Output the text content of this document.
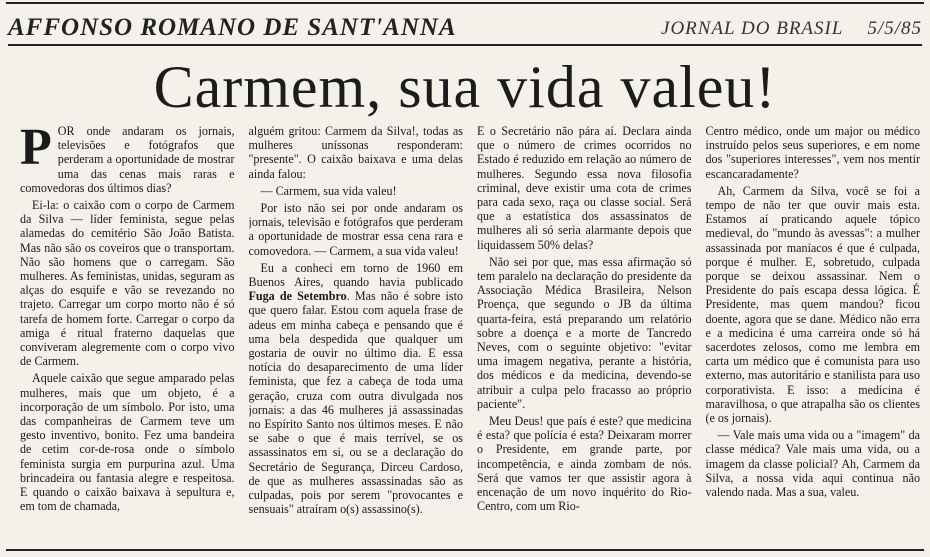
AFFONSO ROMANO DE SANT'ANNA	JORNAL DO BRASIL 5/5/85
Carmem, sua vida valeu!

POR onde andaram os jornais, televisões e fotógrafos que perderam a oportunidade de mostrar uma das cenas mais raras e comovedoras dos últimos dias?

Ei-la: o caixão com o corpo de Carmem da Silva — líder feminista, segue pelas alamedas do cemitério São João Batista. Mas não são os coveiros que o transportam. Não são homens que o carregam. São mulheres. As feministas, unidas, seguram as alças do esquife e vão se revezando no trajeto. Carregar um corpo morto não é só tarefa de homem forte. Carregar o corpo da amiga é ritual fraterno daquelas que conviveram alegremente com o corpo vivo de Carmem.

Aquele caixão que segue amparado pelas mulheres, mais que um objeto, é a incorporação de um símbolo. Por isto, uma das companheiras de Carmem teve um gesto inventivo, bonito. Fez uma bandeira de cetim cor-de-rosa onde o símbolo feminista surgia em purpurina azul. Uma brincadeira ou fantasia alegre e respeitosa. E quando o caixão baixava à sepultura e, em tom de chamada,

alguém gritou: Carmem da Silva!, todas as mulheres uníssonas responderam: "presente". O caixão baixava e uma delas ainda falou:

— Carmem, sua vida valeu!

Por isto não sei por onde andaram os jornais, televisão e fotógrafos que perderam a oportunidade de mostrar essa cena rara e comovedora. — Carmem, a sua vida valeu!

Eu a conheci em torno de 1960 em Buenos Aires, quando havia publicado Fuga de Setembro. Mas não é sobre isto que quero falar. Estou com aquela frase de adeus em minha cabeça e pensando que é uma bela despedida que qualquer um gostaria de ouvir no último dia. E essa notícia do desaparecimento de uma líder feminista, que fez a cabeça de toda uma geração, cruza com outra divulgada nos jornais: a das 46 mulheres já assassinadas no Espírito Santo nos últimos meses. E não se sabe o que é mais terrível, se os assassinatos em si, ou se a declaração do Secretário de Segurança, Dirceu Cardoso, de que as mulheres assassinadas são as culpadas, pois por serem "provocantes e sensuais" atraíram o(s) assassino(s).

E o Secretário não pára aí. Declara ainda que o número de crimes ocorridos no Estado é reduzido em relação ao número de mulheres. Segundo essa nova filosofia criminal, deve existir uma cota de crimes para cada sexo, raça ou classe social. Será que a estatística dos assassinatos de mulheres ali só seria alarmante depois que liquidassem 50% delas?

Não sei por que, mas essa afirmação só tem paralelo na declaração do presidente da Associação Médica Brasileira, Nelson Proença, que segundo o JB da última quarta-feira, está preparando um relatório sobre a doença e a morte de Tancredo Neves, com o seguinte objetivo: "evitar uma imagem negativa, perante a história, dos médicos e da medicina, devendo-se atribuir a culpa pelo fracasso ao próprio paciente".

Meu Deus! que país é este? que medicina é esta? que polícia é esta? Deixaram morrer o Presidente, em grande parte, por incompetência, e ainda zombam de nós. Será que vamos ter que assistir agora à encenação de um novo inquérito do Rio-Centro, com um Rio-

Centro médico, onde um major ou médico instruído pelos seus superiores, e em nome dos "superiores interesses", vem nos mentir escancaradamente?

Ah, Carmem da Silva, você se foi a tempo de não ter que ouvir mais esta. Estamos aí praticando aquele tópico medieval, do "mundo às avessas": a mulher assassinada por maníacos é que é culpada, porque é mulher. E, sobretudo, culpada porque se deixou assassinar. Nem o Presidente do país escapa dessa lógica. É Presidente, mas quem mandou? ficou doente, agora que se dane. Médico não erra e a medicina é uma carreira onde só há sacerdotes zelosos, como me lembra em carta um médico que é comunista para uso externo, mas autoritário e stanilista para uso corporativista. E isso: a medicina é maravilhosa, o que atrapalha são os clientes (e os jornais).

— Vale mais uma vida ou a "imagem" da classe médica? Vale mais uma vida, ou a imagem da classe policial? Ah, Carmem da Silva, a nossa vida aqui continua não valendo nada. Mas a sua, valeu.
